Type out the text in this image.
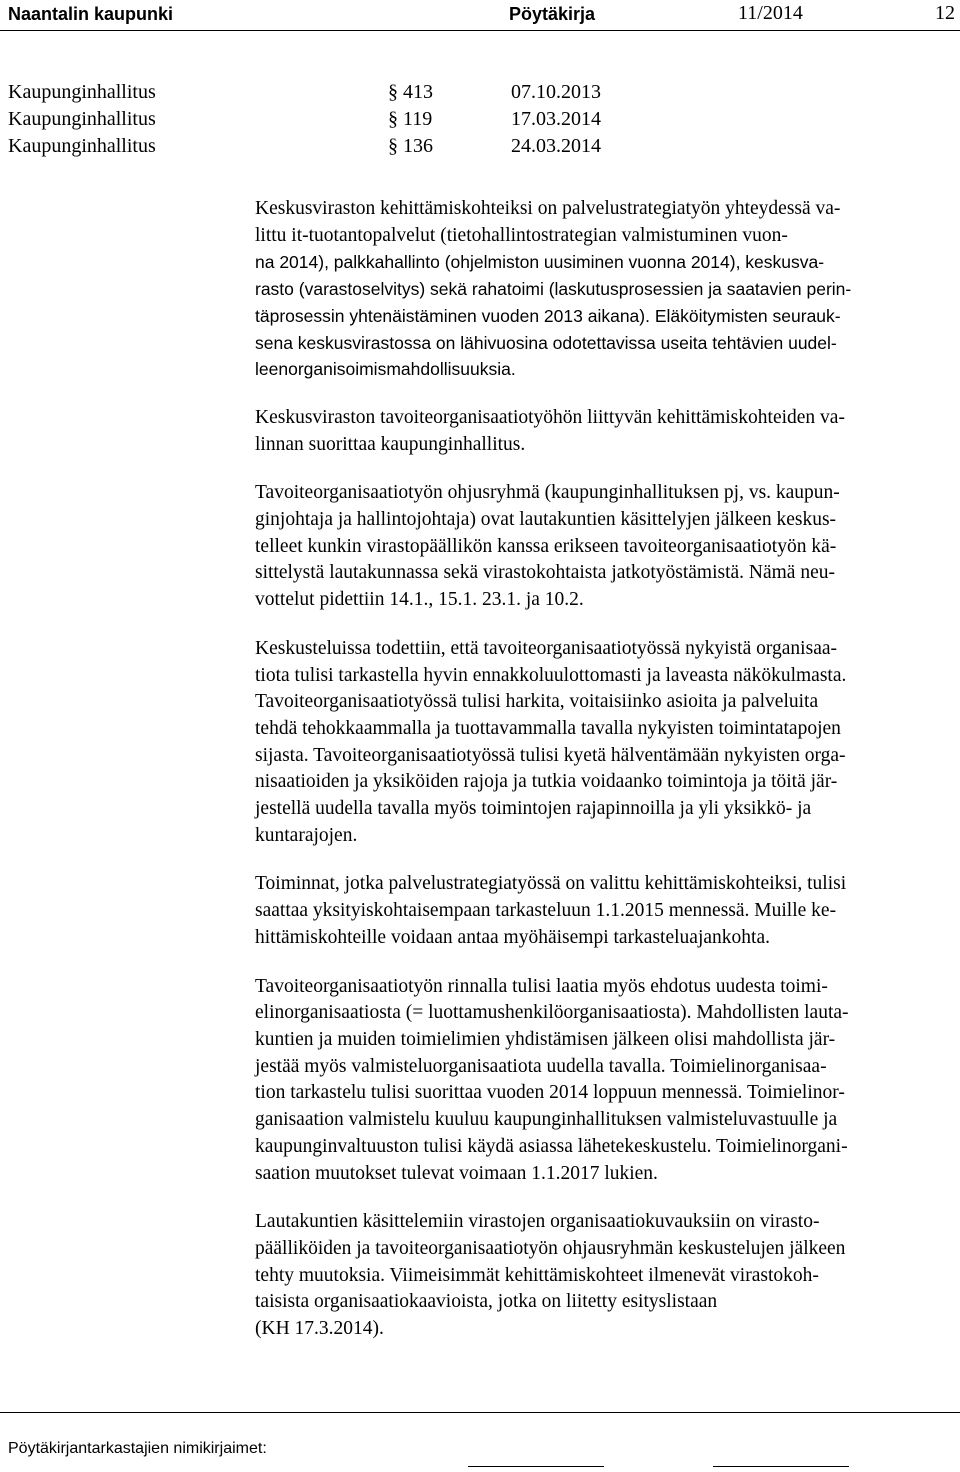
Naantalin kaupunki	Pöytäkirja	11/2014	12
Kaupunginhallitus	§ 413	07.10.2013
Kaupunginhallitus	§ 119	17.03.2014
Kaupunginhallitus	§ 136	24.03.2014
Keskusviraston kehittämiskohteiksi on palvelustrategiatyön yhteydessä va-
littu it-tuotantopalvelut (tietohallintostrategian valmistuminen vuon-
na 2014), palkkahallinto (ohjelmiston uusiminen vuonna 2014), keskusva-
rasto (varastoselvitys) sekä rahatoimi (laskutusprosessien ja saatavien perin-
täprosessin yhtenäistäminen vuoden 2013 aikana). Eläköitymisten seurauk-
sena keskusvirastossa on lähivuosina odotettavissa useita tehtävien uudel-
leenorganisoimismahdollisuuksia.
Keskusviraston tavoiteorganisaatiotyöhön liittyvän kehittämiskohteiden va-
linnan suorittaa kaupunginhallitus.
Tavoiteorganisaatiotyön ohjusryhmä (kaupunginhallituksen pj, vs. kaupun-
ginjohtaja ja hallintojohtaja) ovat lautakuntien käsittelyjen jälkeen keskus-
telleet kunkin virastopäällikön kanssa erikseen tavoiteorganisaatiotyön kä-
sittelystä lautakunnassa sekä virastokohtaista jatkotyöstämistä. Nämä neu-
vottelut pidettiin 14.1., 15.1. 23.1. ja 10.2.
Keskusteluissa todettiin, että tavoiteorganisaatiotyössä nykyistä organisaa-
tiota tulisi tarkastella hyvin ennakkoluulottomasti ja laveasta näkökulmasta.
Tavoiteorganisaatiotyössä tulisi harkita, voitaisiinko asioita ja palveluita
tehdä tehokkaammalla ja tuottavammalla tavalla nykyisten toimintatapojen
sijasta. Tavoiteorganisaatiotyössä tulisi kyetä hälventämään nykyisten orga-
nisaatioiden ja yksiköiden rajoja ja tutkia voidaanko toimintoja ja töitä jär-
jestellä uudella tavalla myös toimintojen rajapinnoilla ja yli yksikkö- ja
kuntarajojen.
Toiminnat, jotka palvelustrategiatyössä on valittu kehittämiskohteiksi, tulisi
saattaa yksityiskohtaisempaan tarkasteluun 1.1.2015 mennessä. Muille ke-
hittämiskohteille voidaan antaa myöhäisempi tarkasteluajankohta.
Tavoiteorganisaatiotyön rinnalla tulisi laatia myös ehdotus uudesta toimi-
elinorganisaatiosta (= luottamushenkilöorganisaatiosta). Mahdollisten lauta-
kuntien ja muiden toimielimien yhdistämisen jälkeen olisi mahdollista jär-
jestää myös valmisteluorganisaatiota uudella tavalla. Toimielinorganisaa-
tion tarkastelu tulisi suorittaa vuoden 2014 loppuun mennessä. Toimielinor-
ganisaation valmistelu kuuluu kaupunginhallituksen valmisteluvastuulle ja
kaupunginvaltuuston tulisi käydä asiassa lähetekeskustelu. Toimielinorgani-
saation muutokset tulevat voimaan 1.1.2017 lukien.
Lautakuntien käsittelemiin virastojen organisaatiokuvauksiin on virasto-
päälliköiden ja tavoiteorganisaatiotyön ohjausryhmän keskustelujen jälkeen
tehty muutoksia. Viimeisimmät kehittämiskohteet ilmenevät virastokoh-
taisista organisaatiokaavioista, jotka on liitetty esityslistaan
(KH 17.3.2014).
Pöytäkirjantarkastajien nimikirjaimet:
